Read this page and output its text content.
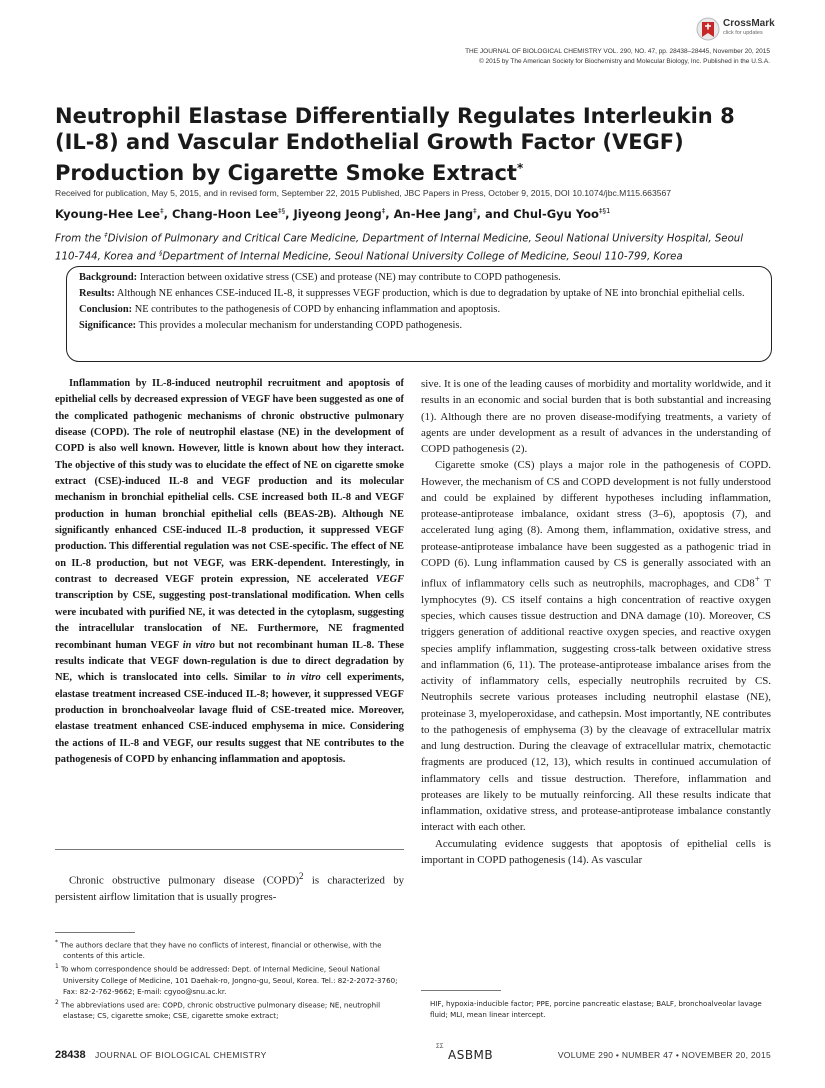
CrossMark
click for updates
THE JOURNAL OF BIOLOGICAL CHEMISTRY VOL. 290, NO. 47, pp. 28438–28445, November 20, 2015
© 2015 by The American Society for Biochemistry and Molecular Biology, Inc. Published in the U.S.A.
Neutrophil Elastase Differentially Regulates Interleukin 8 (IL-8) and Vascular Endothelial Growth Factor (VEGF) Production by Cigarette Smoke Extract*
Received for publication, May 5, 2015, and in revised form, September 22, 2015 Published, JBC Papers in Press, October 9, 2015, DOI 10.1074/jbc.M115.663567
Kyoung-Hee Lee‡, Chang-Hoon Lee‡§, Jiyeong Jeong‡, An-Hee Jang‡, and Chul-Gyu Yoo$^{\ddagger\S 1}$
From the ‡Division of Pulmonary and Critical Care Medicine, Department of Internal Medicine, Seoul National University Hospital, Seoul 110-744, Korea and §Department of Internal Medicine, Seoul National University College of Medicine, Seoul 110-799, Korea

Background: Interaction between oxidative stress (CSE) and protease (NE) may contribute to COPD pathogenesis.

Results: Although NE enhances CSE-induced IL-8, it suppresses VEGF production, which is due to degradation by uptake of NE into bronchial epithelial cells.

Conclusion: NE contributes to the pathogenesis of COPD by enhancing inflammation and apoptosis.

Significance: This provides a molecular mechanism for understanding COPD pathogenesis.

Inflammation by IL-8-induced neutrophil recruitment and apoptosis of epithelial cells by decreased expression of VEGF have been suggested as one of the complicated pathogenic mechanisms of chronic obstructive pulmonary disease (COPD). The role of neutrophil elastase (NE) in the development of COPD is also well known. However, little is known about how they interact. The objective of this study was to elucidate the effect of NE on cigarette smoke extract (CSE)-induced IL-8 and VEGF production and its molecular mechanism in bronchial epithelial cells. CSE increased both IL-8 and VEGF production in human bronchial epithelial cells (BEAS-2B). Although NE significantly enhanced CSE-induced IL-8 production, it suppressed VEGF production. This differential regulation was not CSE-specific. The effect of NE on IL-8 production, but not VEGF, was ERK-dependent. Interestingly, in contrast to decreased VEGF protein expression, NE accelerated VEGF transcription by CSE, suggesting post-translational modification. When cells were incubated with purified NE, it was detected in the cytoplasm, suggesting the intracellular translocation of NE. Furthermore, NE fragmented recombinant human VEGF in vitro but not recombinant human IL-8. These results indicate that VEGF down-regulation is due to direct degradation by NE, which is translocated into cells. Similar to in vitro cell experiments, elastase treatment increased CSE-induced IL-8; however, it suppressed VEGF production in bronchoalveolar lavage fluid of CSE-treated mice. Moreover, elastase treatment enhanced CSE-induced emphysema in mice. Considering the actions of IL-8 and VEGF, our results suggest that NE contributes to the pathogenesis of COPD by enhancing inflammation and apoptosis.

Chronic obstructive pulmonary disease (COPD)$^2$ is characterized by persistent airflow limitation that is usually progres-

* The authors declare that they have no conflicts of interest, financial or otherwise, with the contents of this article.

$^1$ To whom correspondence should be addressed: Dept. of Internal Medicine, Seoul National University College of Medicine, 101 Daehak-ro, Jongno-gu, Seoul, Korea. Tel.: 82-2-2072-3760; Fax: 82-2-762-9662; E-mail: cgyoo@snu.ac.kr.

$^2$ The abbreviations used are: COPD, chronic obstructive pulmonary disease; NE, neutrophil elastase; CS, cigarette smoke; CSE, cigarette smoke extract;

sive. It is one of the leading causes of morbidity and mortality worldwide, and it results in an economic and social burden that is both substantial and increasing (1). Although there are no proven disease-modifying treatments, a variety of agents are under development as a result of advances in the understanding of COPD pathogenesis (2).

Cigarette smoke (CS) plays a major role in the pathogenesis of COPD. However, the mechanism of CS and COPD development is not fully understood and could be explained by different hypotheses including inflammation, protease-antiprotease imbalance, oxidant stress (3–6), apoptosis (7), and accelerated lung aging (8). Among them, inflammation, oxidative stress, and protease-antiprotease imbalance have been suggested as a pathogenic triad in COPD (6). Lung inflammation caused by CS is generally associated with an influx of inflammatory cells such as neutrophils, macrophages, and CD8+ T lymphocytes (9). CS itself contains a high concentration of reactive oxygen species, which causes tissue destruction and DNA damage (10). Moreover, CS triggers generation of additional reactive oxygen species, and reactive oxygen species amplify inflammation, suggesting cross-talk between oxidative stress and inflammation (6, 11). The protease-antiprotease imbalance arises from the activity of inflammatory cells, especially neutrophils recruited by CS. Neutrophils secrete various proteases including neutrophil elastase (NE), proteinase 3, myeloperoxidase, and cathepsin. Most importantly, NE contributes to the pathogenesis of emphysema (3) by the cleavage of extracellular matrix and lung destruction. During the cleavage of extracellular matrix, chemotactic fragments are produced (12, 13), which results in continued accumulation of inflammatory cells and tissue destruction. Therefore, inflammation and proteases are likely to be mutually reinforcing. All these results indicate that inflammation, oxidative stress, and protease-antiprotease imbalance constantly interact with each other.

Accumulating evidence suggests that apoptosis of epithelial cells is important in COPD pathogenesis (14). As vascular

HIF, hypoxia-inducible factor; PPE, porcine pancreatic elastase; BALF, bronchoalveolar lavage fluid; MLI, mean linear intercept.
28438 JOURNAL OF BIOLOGICAL CHEMISTRY
ΣΣ
ASBMB	VOLUME 290 • NUMBER 47 • NOVEMBER 20, 2015
